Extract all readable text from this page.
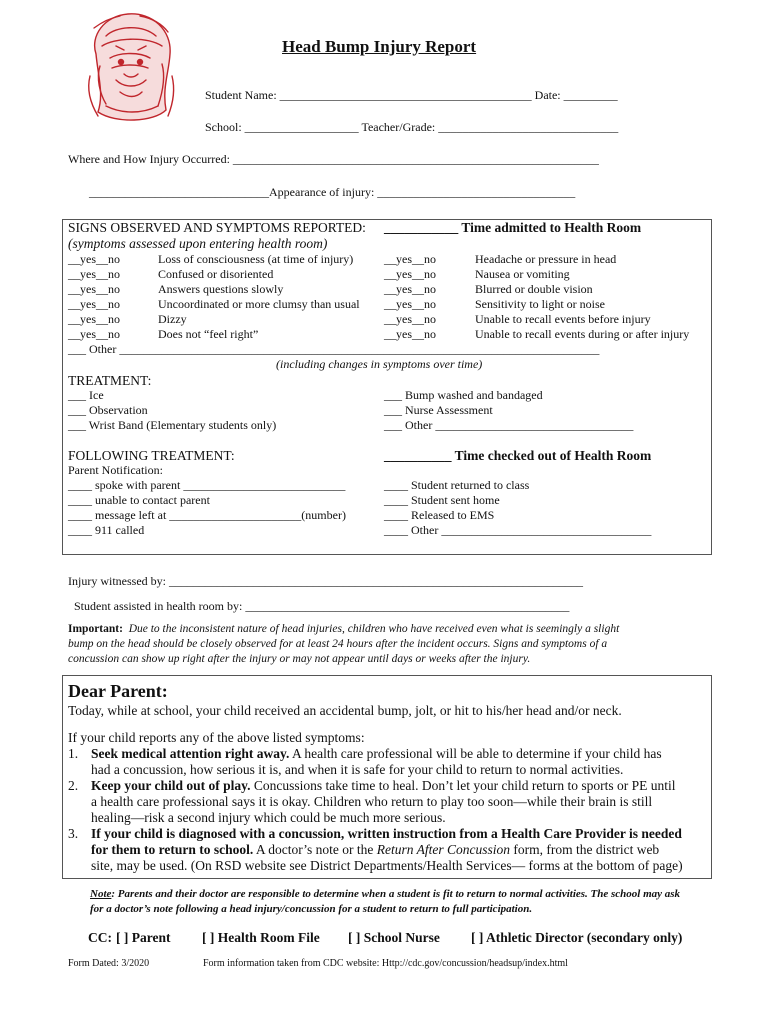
Head Bump Injury Report
Student Name: __________________________________________ Date: _________
School: ___________________ Teacher/Grade: ______________________________
Where and How Injury Occurred: _____________________________________________________________
______________________________Appearance of injury: _________________________________
SIGNS OBSERVED AND SYMPTOMS REPORTED: ___________ Time admitted to Health Room
(symptoms assessed upon entering health room)
__yes__no
__yes__no
__yes__no
__yes__no
__yes__no
__yes__no
Loss of consciousness (at time of injury)
Confused or disoriented
Answers questions slowly
Uncoordinated or more clumsy than usual
Dizzy
Does not “feel right”
__yes__no
__yes__no
__yes__no
__yes__no
__yes__no
__yes__no
Headache or pressure in head
Nausea or vomiting
Blurred or double vision
Sensitivity to light or noise
Unable to recall events before injury
Unable to recall events during or after injury
___ Other ________________________________________________________________________________
(including changes in symptoms over time)
TREATMENT:
___ Ice
___ Observation
___ Wrist Band (Elementary students only)
___ Bump washed and bandaged
___ Nurse Assessment
___ Other _________________________________
FOLLOWING TREATMENT:	__________ Time checked out of Health Room
Parent Notification:
____ spoke with parent ___________________________
____ unable to contact parent
____ message left at ______________________(number)
____ 911 called
____ Student returned to class
____ Student sent home
____ Released to EMS
____ Other ___________________________________
Injury witnessed by: _____________________________________________________________________
Student assisted in health room by: ______________________________________________________
Important: Due to the inconsistent nature of head injuries, children who have received even what is seemingly a slight
bump on the head should be closely observed for at least 24 hours after the incident occurs. Signs and symptoms of a
concussion can show up right after the injury or may not appear until days or weeks after the injury.
Dear Parent:
Today, while at school, your child received an accidental bump, jolt, or hit to his/her head and/or neck.
If your child reports any of the above listed symptoms:
1. Seek medical attention right away. A health care professional will be able to determine if your child has
had a concussion, how serious it is, and when it is safe for your child to return to normal activities.
2. Keep your child out of play. Concussions take time to heal. Don’t let your child return to sports or PE until
a health care professional says it is okay. Children who return to play too soon—while their brain is still
healing—risk a second injury which could be much more serious.
3. If your child is diagnosed with a concussion, written instruction from a Health Care Provider is needed
for them to return to school. A doctor’s note or the Return After Concussion form, from the district web
site, may be used. (On RSD website see District Departments/Health Services— forms at the bottom of page)
Note: Parents and their doctor are responsible to determine when a student is fit to return to normal activities. The school may ask
for a doctor’s note following a head injury/concussion for a student to return to full participation.
CC: [ ] Parent [ ] Health Room File [ ] School Nurse [ ] Athletic Director (secondary only)
Form Dated: 3/2020	Form information taken from CDC website: Http://cdc.gov/concussion/headsup/index.html
